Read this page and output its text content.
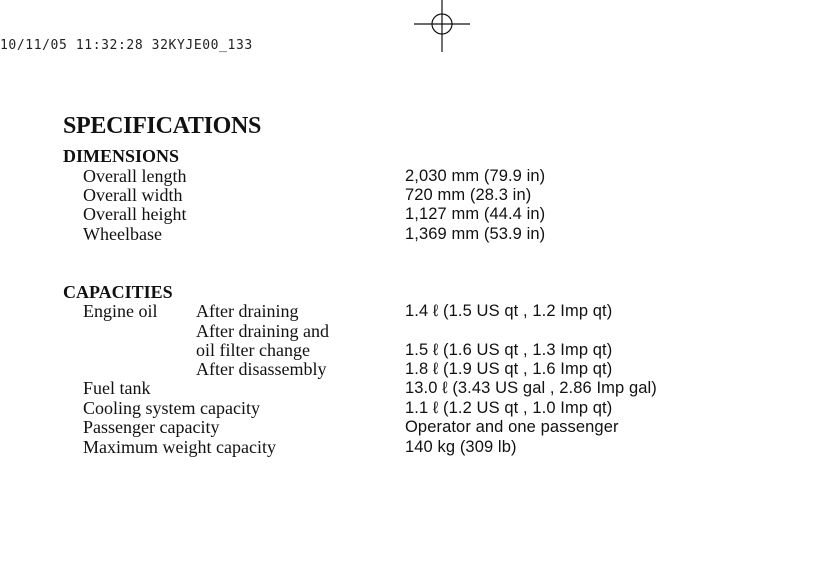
10/11/05 11:32:28 32KYJE00_133
SPECIFICATIONS
DIMENSIONS
Overall length	2,030 mm (79.9 in)
Overall width	720 mm (28.3 in)
Overall height	1,127 mm (44.4 in)
Wheelbase	1,369 mm (53.9 in)
CAPACITIES
Engine oil After draining	1.4 ℓ (1.5 US qt , 1.2 Imp qt)
After draining and
oil filter change	1.5 ℓ (1.6 US qt , 1.3 Imp qt)
After disassembly	1.8 ℓ (1.9 US qt , 1.6 Imp qt)
Fuel tank	13.0 ℓ (3.43 US gal , 2.86 Imp gal)
Cooling system capacity	1.1 ℓ (1.2 US qt , 1.0 Imp qt)
Passenger capacity	Operator and one passenger
Maximum weight capacity	140 kg (309 lb)
